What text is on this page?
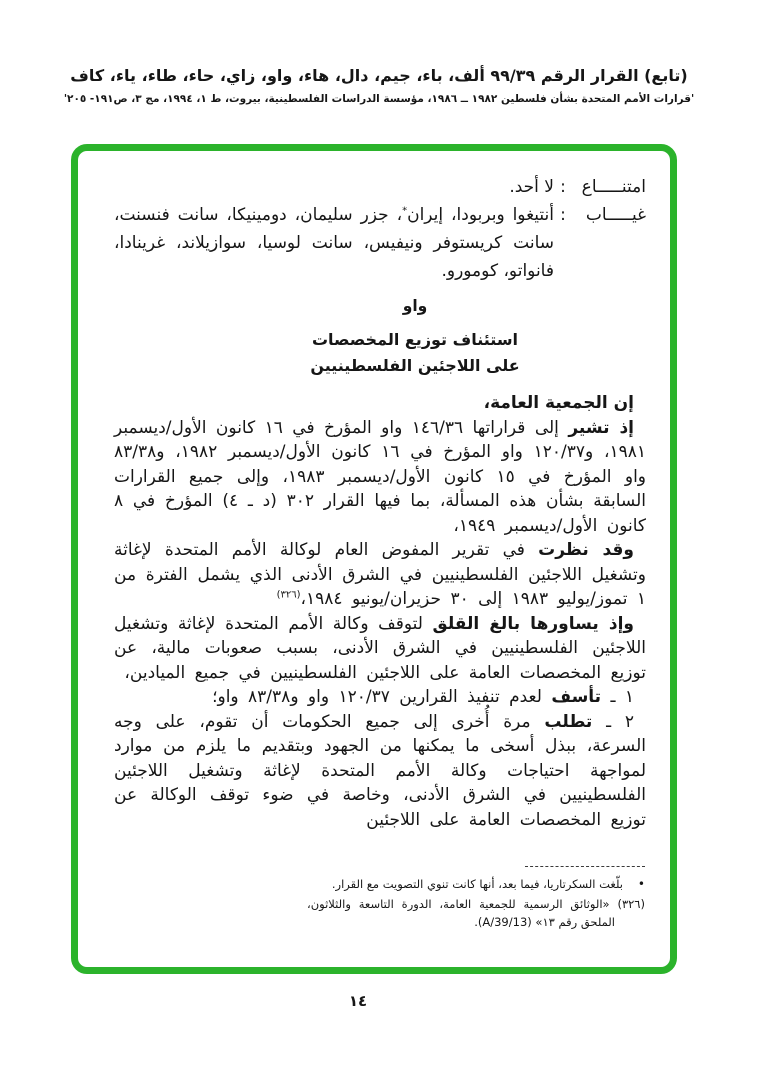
(تابع) القرار الرقم ٩٩/٣٩ ألف، باء، جيم، دال، هاء، واو، زاي، حاء، طاء، ياء، كاف
'قرارات الأمم المتحدة بشأن فلسطين ١٩٨٢ ــ ١٩٨٦، مؤسسة الدراسات الفلسطينية، بيروت، ط ١، ١٩٩٤، مج ٣، ص١٩١- ٢٠٥'
امتنـــــاع
:
لا أحد.
غيـــــاب
:
أنتيغوا وبربودا، إيران*، جزر سليمان، دومينيكا، سانت فنسنت، سانت كريستوفر ونيفيس، سانت لوسيا، سوازيلاند، غرينادا، فانواتو، كومورو.
واو
استئناف توزيع المخصصات
على اللاجئين الفلسطينيين
إن الجمعية العامة،

إذ تشير إلى قراراتها ١٤٦/٣٦ واو المؤرخ في ١٦ كانون الأول/ديسمبر ١٩٨١، و١٢٠/٣٧ واو المؤرخ في ١٦ كانون الأول/ديسمبر ١٩٨٢، و٨٣/٣٨ واو المؤرخ في ١٥ كانون الأول/ديسمبر ١٩٨٣، وإلى جميع القرارات السابقة بشأن هذه المسألة، بما فيها القرار ٣٠٢ (د ـ ٤) المؤرخ في ٨ كانون الأول/ديسمبر ١٩٤٩،

وقد نظرت في تقرير المفوض العام لوكالة الأمم المتحدة لإغاثة وتشغيل اللاجئين الفلسطينيين في الشرق الأدنى الذي يشمل الفترة من ١ تموز/يوليو ١٩٨٣ إلى ٣٠ حزيران/يونيو ١٩٨٤،$^{(٣٢٦)}$

وإذ يساورها بالغ القلق لتوقف وكالة الأمم المتحدة لإغاثة وتشغيل اللاجئين الفلسطينيين في الشرق الأدنى، بسبب صعوبات مالية، عن توزيع المخصصات العامة على اللاجئين الفلسطينيين في جميع الميادين،

١ ـ تأسف لعدم تنفيذ القرارين ١٢٠/٣٧ واو و٨٣/٣٨ واو؛

٢ ـ تطلب مرة أُخرى إلى جميع الحكومات أن تقوم، على وجه السرعة، ببذل أسخى ما يمكنها من الجهود وبتقديم ما يلزم من موارد لمواجهة احتياجات وكالة الأمم المتحدة لإغاثة وتشغيل اللاجئين الفلسطينيين في الشرق الأدنى، وخاصة في ضوء توقف الوكالة عن توزيع المخصصات العامة على اللاجئين

•
بلّغت السكرتاريا، فيما بعد، أنها كانت تنوي التصويت مع القرار.

(٣٢٦) «الوثائق الرسمية للجمعية العامة، الدورة التاسعة والثلاثون، الملحق رقم ١٣» (A/39/13).

١٤
